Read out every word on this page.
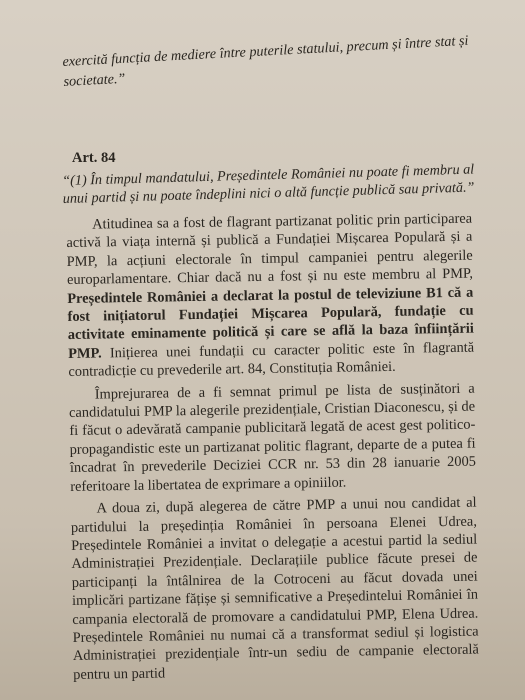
exercită funcția de mediere între puterile statului, precum și între stat și societate.”
Art. 84
“(1) În timpul mandatului, Președintele României nu poate fi membru al unui partid și nu poate îndeplini nici o altă funcție publică sau privată.”

Atitudinea sa a fost de flagrant partizanat politic prin participarea activă la viața internă și publică a Fundației Mișcarea Populară și a PMP, la acțiuni electorale în timpul campaniei pentru alegerile europarlamentare. Chiar dacă nu a fost și nu este membru al PMP, Președintele României a declarat la postul de televiziune B1 că a fost inițiatorul Fundației Mișcarea Populară, fundație cu activitate eminamente politică și care se află la baza înființării PMP. Inițierea unei fundații cu caracter politic este în flagrantă contradicție cu prevederile art. 84, Constituția României.

Împrejurarea de a fi semnat primul pe lista de susținători a candidatului PMP la alegerile prezidențiale, Cristian Diaconescu, și de fi făcut o adevărată campanie publicitară legată de acest gest politico-propagandistic este un partizanat politic flagrant, departe de a putea fi încadrat în prevederile Deciziei CCR nr. 53 din 28 ianuarie 2005 referitoare la libertatea de exprimare a opiniilor.

A doua zi, după alegerea de către PMP a unui nou candidat al partidului la președinția României în persoana Elenei Udrea, Președintele României a invitat o delegație a acestui partid la sediul Administrației Prezidențiale. Declarațiile publice făcute presei de participanți la întâlnirea de la Cotroceni au făcut dovada unei implicări partizane fățișe și semnificative a Președintelui României în campania electorală de promovare a candidatului PMP, Elena Udrea. Președintele României nu numai că a transformat sediul și logistica Administrației prezidențiale într-un sediu de campanie electorală pentru un partid
